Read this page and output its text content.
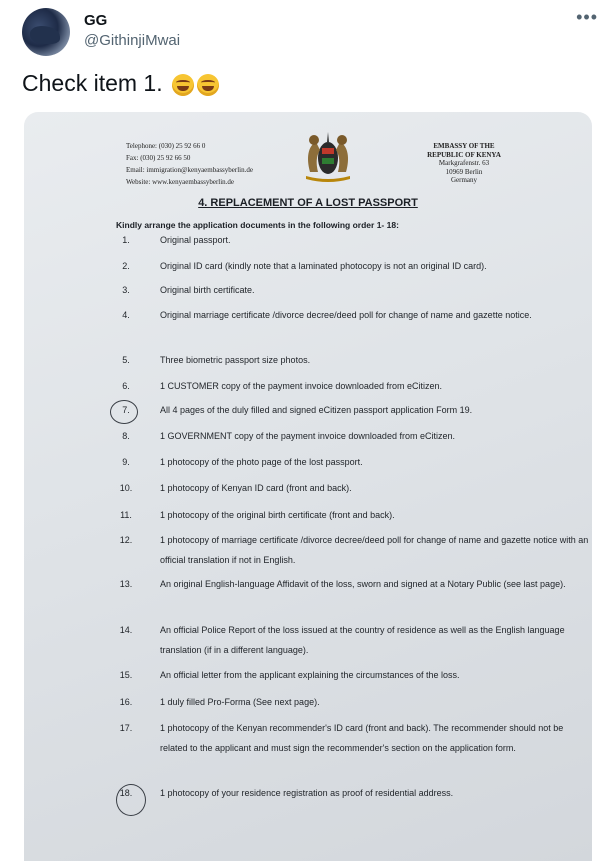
GG
@GithinjiMwai
•••
Check item 1.
Telephone: (030) 25 92 66 0
Fax: (030) 25 92 66 50
Email: immigration@kenyaembassyberlin.de
Website: www.kenyaembassyberlin.de
EMBASSY OF THE
REPUBLIC OF KENYA
Markgrafenstr. 63
10969 Berlin
Germany
4. REPLACEMENT OF A LOST PASSPORT
Kindly arrange the application documents in the following order 1- 18:
1.	Original passport.
2.	Original ID card (kindly note that a laminated photocopy is not an original ID card).
3.	Original birth certificate.
4.	Original marriage certificate /divorce decree/deed poll for change of name and gazette notice.
5.	Three biometric passport size photos.
6.	1 CUSTOMER copy of the payment invoice downloaded from eCitizen.
7.	All 4 pages of the duly filled and signed eCitizen passport application Form 19.
8.	1 GOVERNMENT copy of the payment invoice downloaded from eCitizen.
9.	1 photocopy of the photo page of the lost passport.
10.	1 photocopy of Kenyan ID card (front and back).
11.	1 photocopy of the original birth certificate (front and back).
12.	1 photocopy of marriage certificate /divorce decree/deed poll for change of name and gazette notice with an official translation if not in English.
13.	An original English-language Affidavit of the loss, sworn and signed at a Notary Public (see last page).
14.	An official Police Report of the loss issued at the country of residence as well as the English language translation (if in a different language).
15.	An official letter from the applicant explaining the circumstances of the loss.
16.	1 duly filled Pro-Forma (See next page).
17.	1 photocopy of the Kenyan recommender's ID card (front and back). The recommender should not be related to the applicant and must sign the recommender's section on the application form.
18.	1 photocopy of your residence registration as proof of residential address.
